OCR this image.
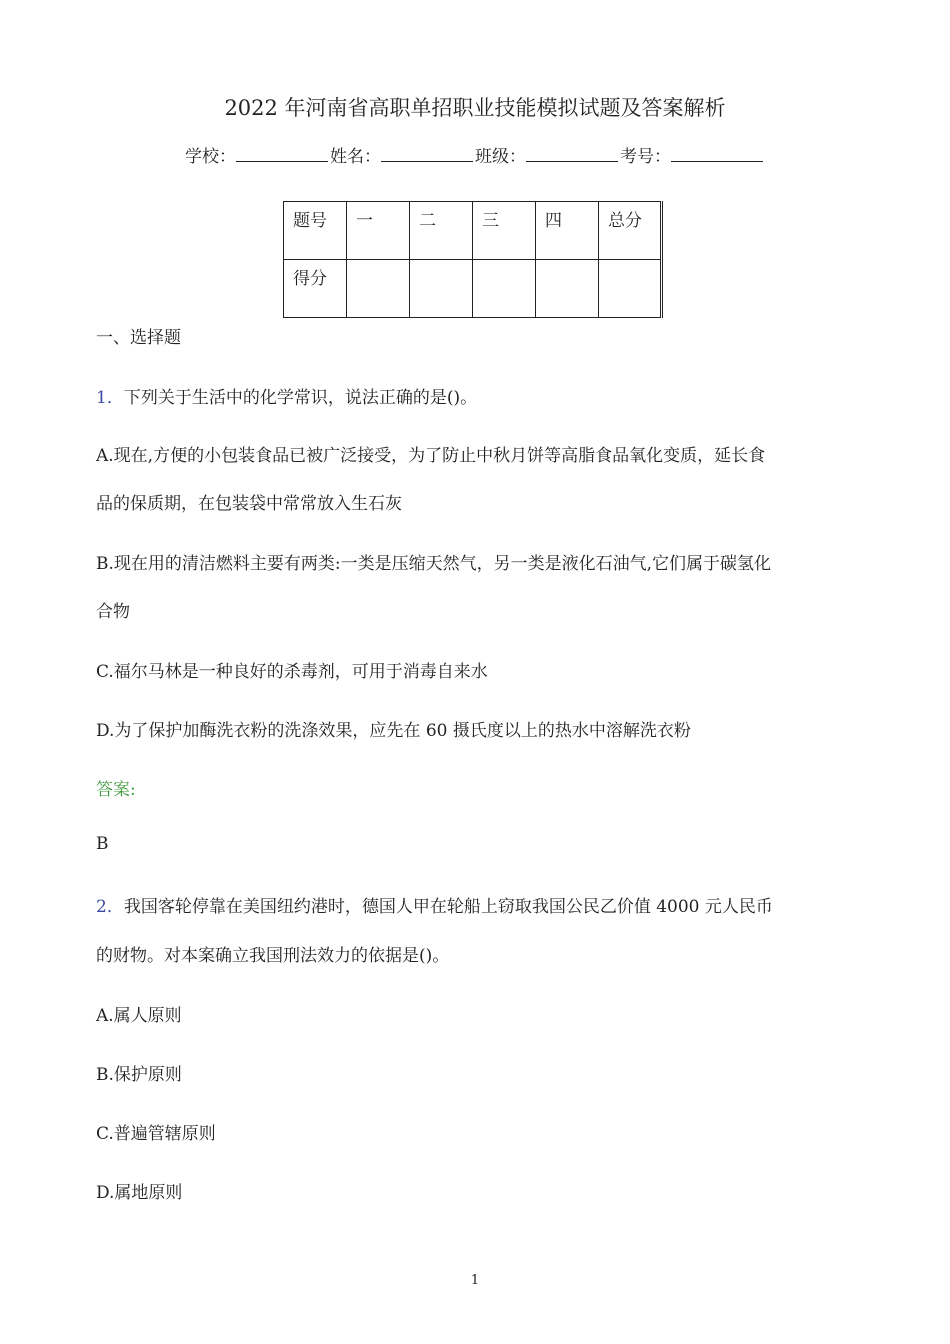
2022 年河南省高职单招职业技能模拟试题及答案解析
学校：	姓名：	班级：	考号：
题号	一	二	三	四	总分
得分					
一、选择题
1．下列关于生活中的化学常识，说法正确的是()。
A.现在,方便的小包装食品已被广泛接受，为了防止中秋月饼等高脂食品氧化变质，延长食
品的保质期，在包装袋中常常放入生石灰
B.现在用的清洁燃料主要有两类:一类是压缩天然气，另一类是液化石油气,它们属于碳氢化
合物
C.福尔马林是一种良好的杀毒剂，可用于消毒自来水
D.为了保护加酶洗衣粉的洗涤效果，应先在 60 摄氏度以上的热水中溶解洗衣粉
答案:
B
2．我国客轮停靠在美国纽约港时，德国人甲在轮船上窃取我国公民乙价值 4000 元人民币
的财物。对本案确立我国刑法效力的依据是()。
A.属人原则
B.保护原则
C.普遍管辖原则
D.属地原则
1
